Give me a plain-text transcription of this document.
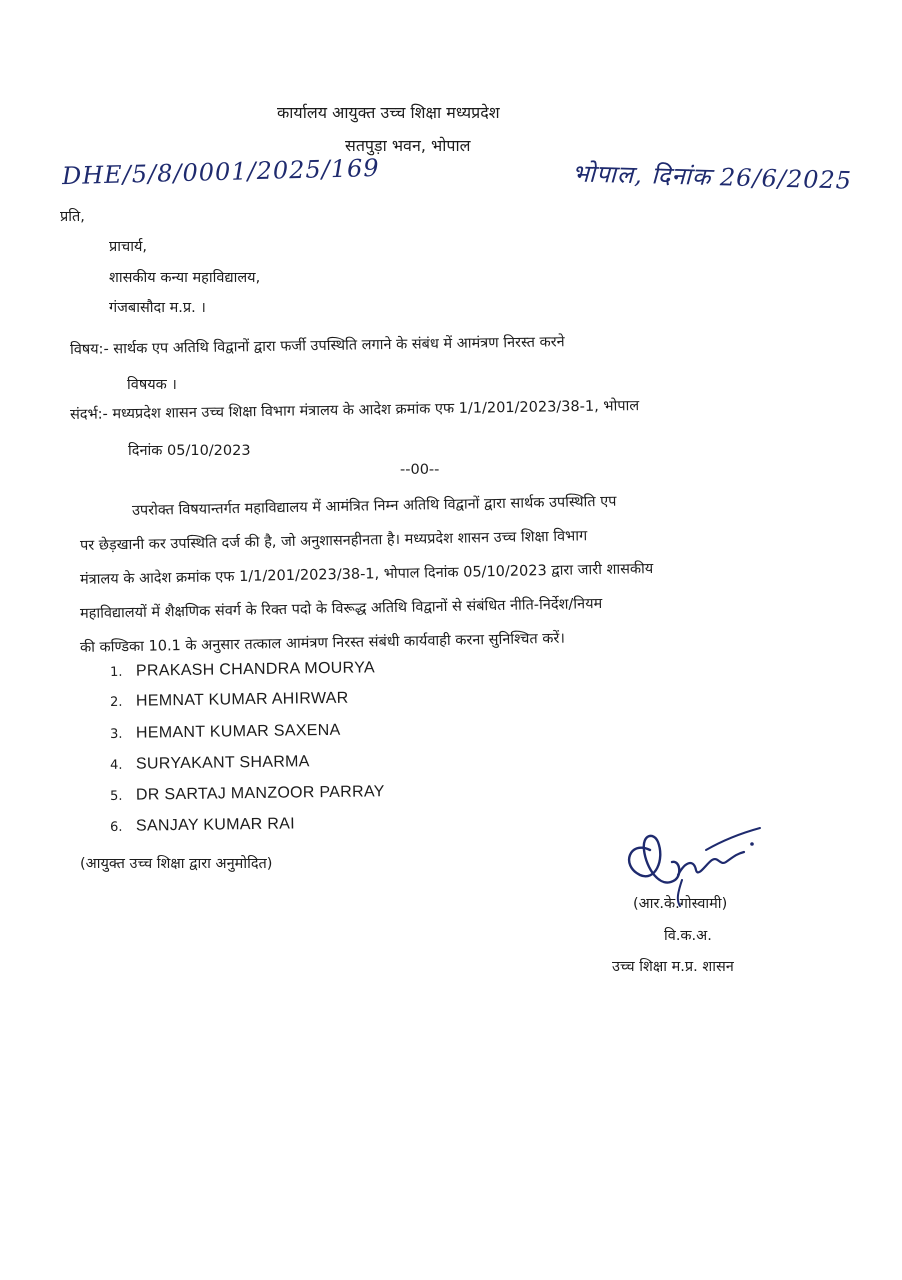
कार्यालय आयुक्त उच्च शिक्षा मध्यप्रदेश
सतपुड़ा भवन, भोपाल
DHE/5/8/0001/2025/169	भोपाल, दिनांक 26/6/2025
प्रति,
प्राचार्य,
शासकीय कन्या महाविद्यालय,
गंजबासौदा म.प्र. ।
विषय:- सार्थक एप अतिथि विद्वानों द्वारा फर्जी उपस्थिति लगाने के संबंध में आमंत्रण निरस्त करने
विषयक ।
संदर्भ:- मध्यप्रदेश शासन उच्च शिक्षा विभाग मंत्रालय के आदेश क्रमांक एफ 1/1/201/2023/38-1, भोपाल
दिनांक 05/10/2023
--00--
उपरोक्त विषयान्तर्गत महाविद्यालय में आमंत्रित निम्न अतिथि विद्वानों द्वारा सार्थक उपस्थिति एप
पर छेड़खानी कर उपस्थिति दर्ज की है, जो अनुशासनहीनता है। मध्यप्रदेश शासन उच्च शिक्षा विभाग
मंत्रालय के आदेश क्रमांक एफ 1/1/201/2023/38-1, भोपाल दिनांक 05/10/2023 द्वारा जारी शासकीय
महाविद्यालयों में शैक्षणिक संवर्ग के रिक्त पदो के विरूद्ध अतिथि विद्वानों से संबंधित नीति-निर्देश/नियम
की कण्डिका 10.1 के अनुसार तत्काल आमंत्रण निरस्त संबंधी कार्यवाही करना सुनिश्चित करें।
1. PRAKASH CHANDRA MOURYA
2. HEMNAT KUMAR AHIRWAR
3. HEMANT KUMAR SAXENA
4. SURYAKANT SHARMA
5. DR SARTAJ MANZOOR PARRAY
6. SANJAY KUMAR RAI
(आयुक्त उच्च शिक्षा द्वारा अनुमोदित)
(आर.के.गोस्वामी)
वि.क.अ.
उच्च शिक्षा म.प्र. शासन
